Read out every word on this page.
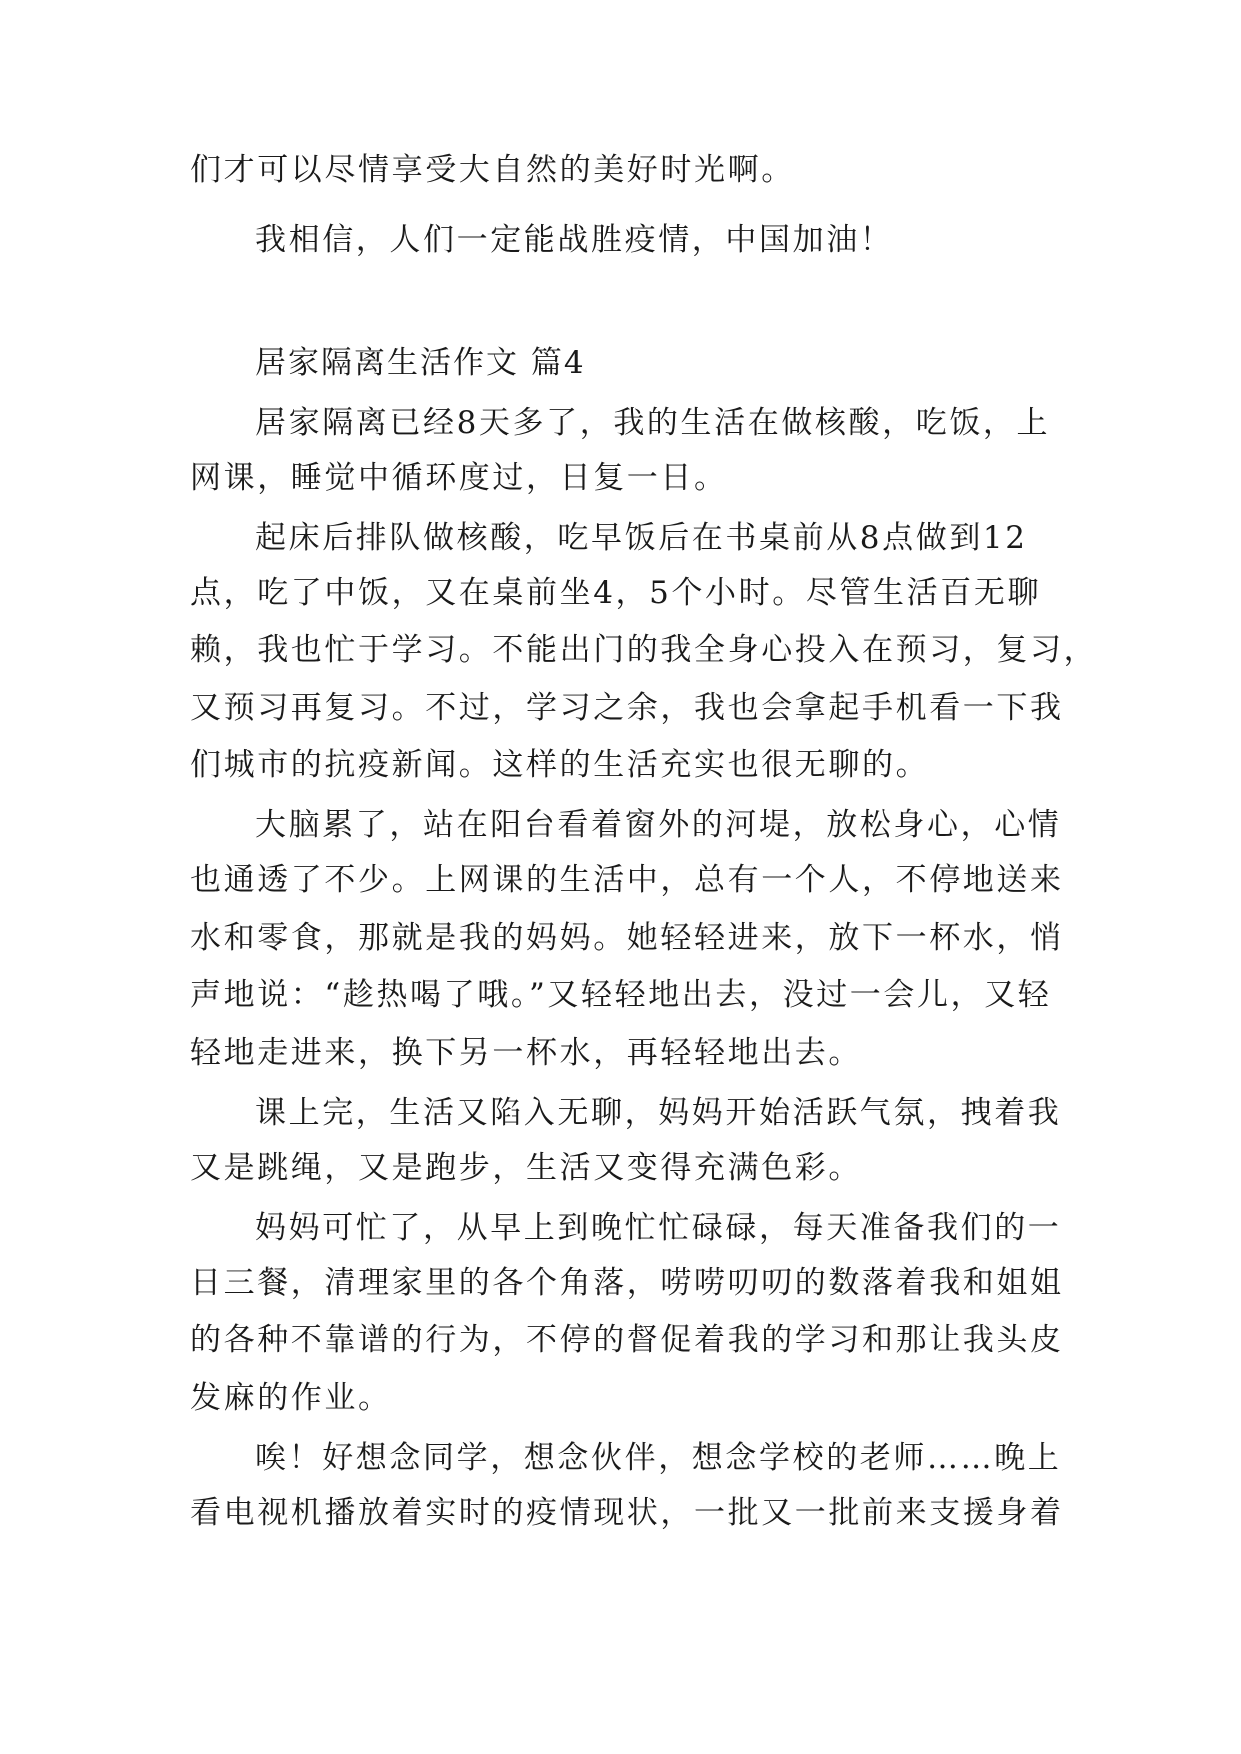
们才可以尽情享受大自然的美好时光啊。
我相信，人们一定能战胜疫情，中国加油！
居家隔离生活作文 篇4
居家隔离已经8天多了，我的生活在做核酸，吃饭，上
网课，睡觉中循环度过，日复一日。
起床后排队做核酸，吃早饭后在书桌前从8点做到12
点，吃了中饭，又在桌前坐4，5个小时。尽管生活百无聊
赖，我也忙于学习。不能出门的我全身心投入在预习，复习，
又预习再复习。不过，学习之余，我也会拿起手机看一下我
们城市的抗疫新闻。这样的生活充实也很无聊的。
大脑累了，站在阳台看着窗外的河堤，放松身心，心情
也通透了不少。上网课的生活中，总有一个人，不停地送来
水和零食，那就是我的妈妈。她轻轻进来，放下一杯水，悄
声地说：“趁热喝了哦。”又轻轻地出去，没过一会儿，又轻
轻地走进来，换下另一杯水，再轻轻地出去。
课上完，生活又陷入无聊，妈妈开始活跃气氛，拽着我
又是跳绳，又是跑步，生活又变得充满色彩。
妈妈可忙了，从早上到晚忙忙碌碌，每天准备我们的一
日三餐，清理家里的各个角落，唠唠叨叨的数落着我和姐姐
的各种不靠谱的行为，不停的督促着我的学习和那让我头皮
发麻的作业。
唉！好想念同学，想念伙伴，想念学校的老师……晚上
看电视机播放着实时的疫情现状，一批又一批前来支援身着
